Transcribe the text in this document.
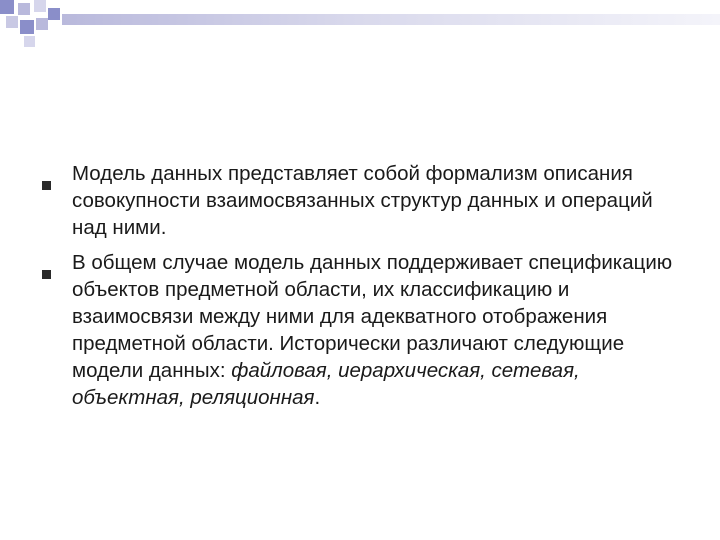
Модель данных представляет собой формализм описания совокупности взаимосвязанных структур данных и операций над ними.
В общем случае модель данных поддерживает спецификацию объектов предметной области, их классификацию и взаимосвязи между ними для адекватного отображения предметной области. Исторически различают следующие модели данных: файловая, иерархическая, сетевая, объектная, реляционная.
